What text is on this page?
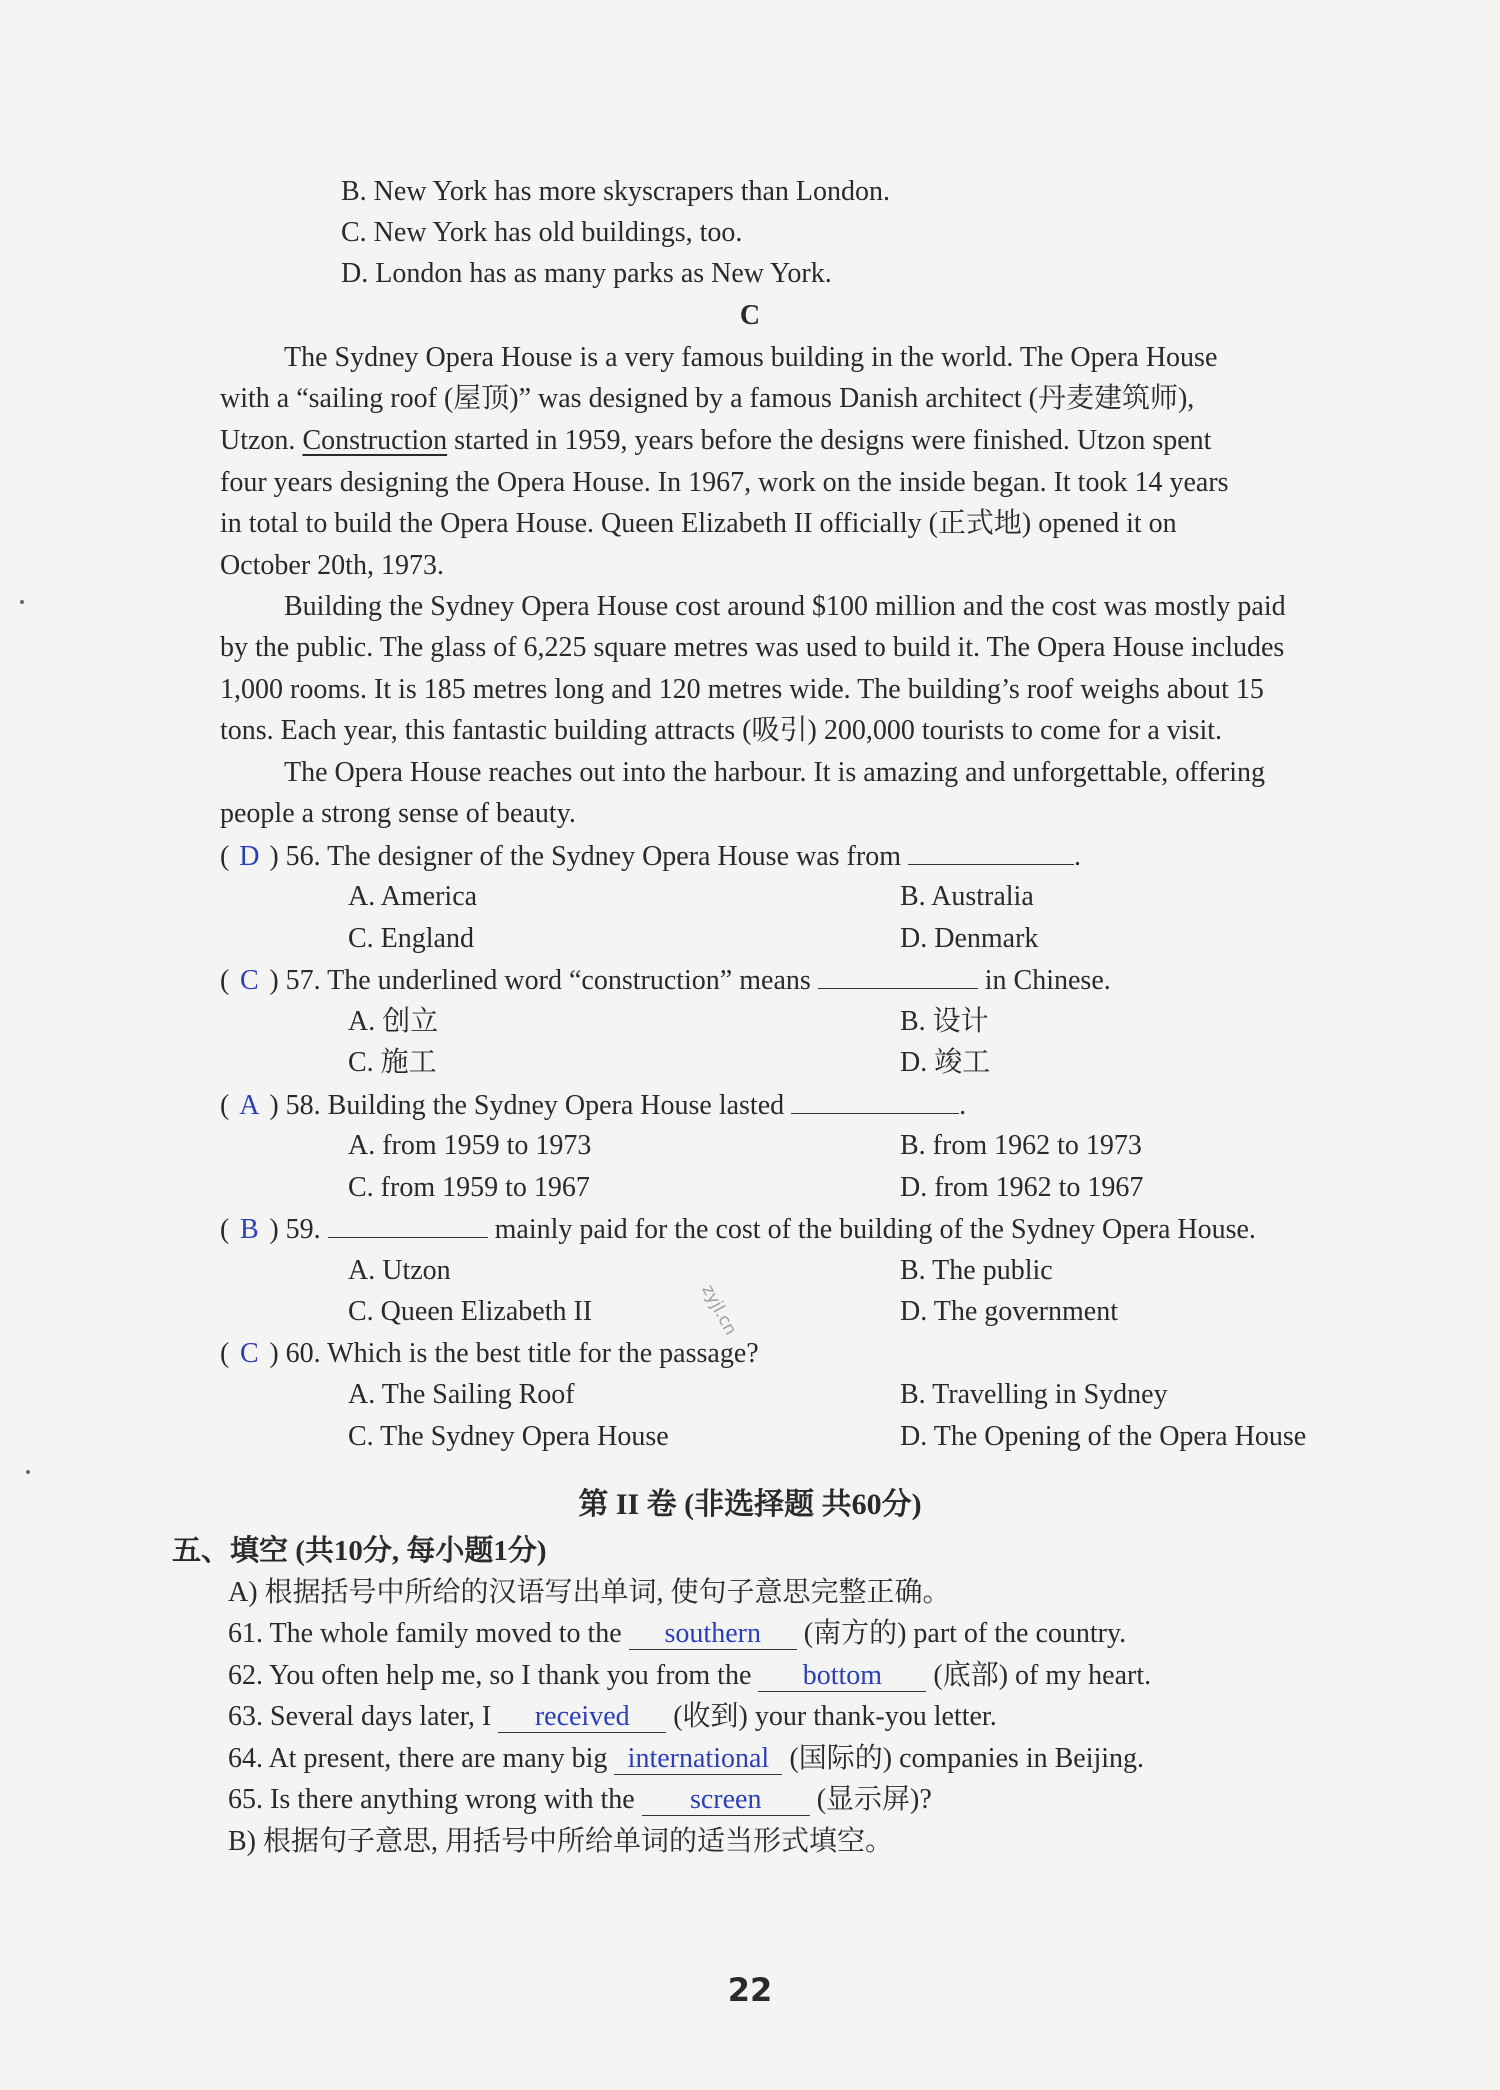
B. New York has more skyscrapers than London.
C. New York has old buildings, too.
D. London has as many parks as New York.
C
The Sydney Opera House is a very famous building in the world. The Opera House
with a “sailing roof (屋顶)” was designed by a famous Danish architect (丹麦建筑师),
Utzon. Construction started in 1959, years before the designs were finished. Utzon spent
four years designing the Opera House. In 1967, work on the inside began. It took 14 years
in total to build the Opera House. Queen Elizabeth II officially (正式地) opened it on
October 20th, 1973.
Building the Sydney Opera House cost around $100 million and the cost was mostly paid
by the public. The glass of 6,225 square metres was used to build it. The Opera House includes
1,000 rooms. It is 185 metres long and 120 metres wide. The building’s roof weighs about 15
tons. Each year, this fantastic building attracts (吸引) 200,000 tourists to come for a visit.
The Opera House reaches out into the harbour. It is amazing and unforgettable, offering
people a strong sense of beauty.
( D ) 56. The designer of the Sydney Opera House was from	.
A. America	B. Australia
C. England	D. Denmark
( C ) 57. The underlined word “construction” means	in Chinese.
A. 创立	B. 设计
C. 施工	D. 竣工
( A ) 58. Building the Sydney Opera House lasted	.
A. from 1959 to 1973	B. from 1962 to 1973
C. from 1959 to 1967	D. from 1962 to 1967
( B ) 59.	mainly paid for the cost of the building of the Sydney Opera House.
A. Utzon	B. The public
C. Queen Elizabeth II	D. The government
zyjl.cn
( C ) 60. Which is the best title for the passage?
A. The Sailing Roof	B. Travelling in Sydney
C. The Sydney Opera House	D. The Opening of the Opera House
第 II 卷 (非选择题 共60分)
五、填空 (共10分, 每小题1分)
A) 根据括号中所给的汉语写出单词, 使句子意思完整正确。
61. The whole family moved to the southern (南方的) part of the country.
62. You often help me, so I thank you from the bottom (底部) of my heart.
63. Several days later, I received (收到) your thank-you letter.
64. At present, there are many big international (国际的) companies in Beijing.
65. Is there anything wrong with the screen (显示屏)?
B) 根据句子意思, 用括号中所给单词的适当形式填空。
22
